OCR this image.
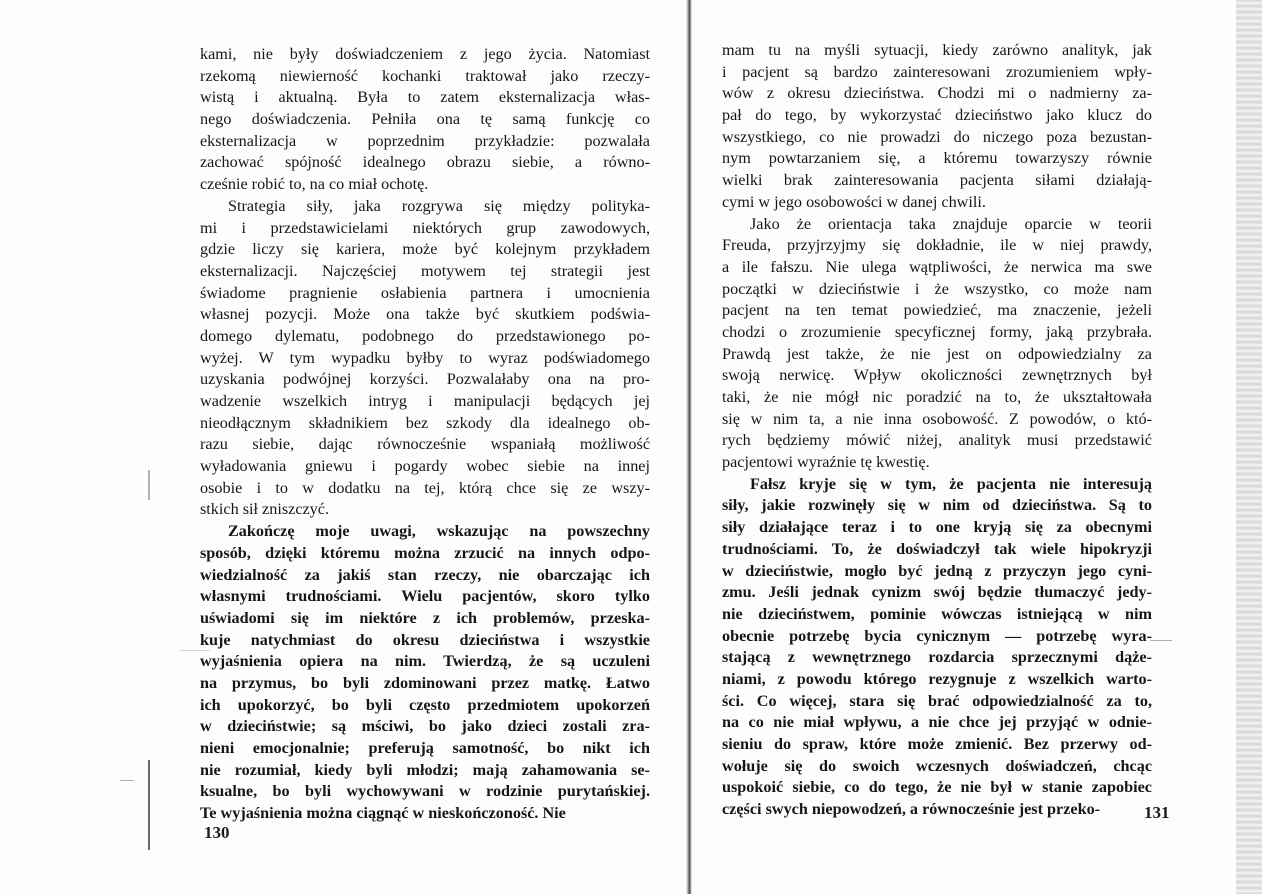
kami, nie były doświadczeniem z jego życia. Natomiast
rzekomą niewierność kochanki traktował jako rzeczy-
wistą i aktualną. Była to zatem eksternalizacja włas-
nego doświadczenia. Pełniła ona tę samą funkcję co
eksternalizacja w poprzednim przykładzie: pozwalała
zachować spójność idealnego obrazu siebie, a równo-
cześnie robić to, na co miał ochotę.
Strategia siły, jaka rozgrywa się między polityka-
mi i przedstawicielami niektórych grup zawodowych,
gdzie liczy się kariera, może być kolejnym przykładem
eksternalizacji. Najczęściej motywem tej strategii jest
świadome pragnienie osłabienia partnera i umocnienia
własnej pozycji. Może ona także być skutkiem podświa-
domego dylematu, podobnego do przedstawionego po-
wyżej. W tym wypadku byłby to wyraz podświadomego
uzyskania podwójnej korzyści. Pozwalałaby ona na pro-
wadzenie wszelkich intryg i manipulacji będących jej
nieodłącznym składnikiem bez szkody dla idealnego ob-
razu siebie, dając równocześnie wspaniałą możliwość
wyładowania gniewu i pogardy wobec siebie na innej
osobie i to w dodatku na tej, którą chce się ze wszy-
stkich sił zniszczyć.
Zakończę moje uwagi, wskazując na powszechny
sposób, dzięki któremu można zrzucić na innych odpo-
wiedzialność za jakiś stan rzeczy, nie obarczając ich
własnymi trudnościami. Wielu pacjentów, skoro tylko
uświadomi się im niektóre z ich problemów, przeska-
kuje natychmiast do okresu dzieciństwa i wszystkie
wyjaśnienia opiera na nim. Twierdzą, że są uczuleni
na przymus, bo byli zdominowani przez matkę. Łatwo
ich upokorzyć, bo byli często przedmiotem upokorzeń
w dzieciństwie; są mściwi, bo jako dzieci zostali zra-
nieni emocjonalnie; preferują samotność, bo nikt ich
nie rozumiał, kiedy byli młodzi; mają zahamowania se-
ksualne, bo byli wychowywani w rodzinie purytańskiej.
Te wyjaśnienia można ciągnąć w nieskończoność. Nie
130
mam tu na myśli sytuacji, kiedy zarówno analityk, jak
i pacjent są bardzo zainteresowani zrozumieniem wpły-
wów z okresu dzieciństwa. Chodzi mi o nadmierny za-
pał do tego, by wykorzystać dzieciństwo jako klucz do
wszystkiego, co nie prowadzi do niczego poza bezustan-
nym powtarzaniem się, a któremu towarzyszy równie
wielki brak zainteresowania pacjenta siłami działają-
cymi w jego osobowości w danej chwili.
Jako że orientacja taka znajduje oparcie w teorii
Freuda, przyjrzyjmy się dokładnie, ile w niej prawdy,
a ile fałszu. Nie ulega wątpliwości, że nerwica ma swe
początki w dzieciństwie i że wszystko, co może nam
pacjent na ten temat powiedzieć, ma znaczenie, jeżeli
chodzi o zrozumienie specyficznej formy, jaką przybrała.
Prawdą jest także, że nie jest on odpowiedzialny za
swoją nerwicę. Wpływ okoliczności zewnętrznych był
taki, że nie mógł nic poradzić na to, że ukształtowała
się w nim ta, a nie inna osobowość. Z powodów, o któ-
rych będziemy mówić niżej, analityk musi przedstawić
pacjentowi wyraźnie tę kwestię.
Fałsz kryje się w tym, że pacjenta nie interesują
siły, jakie rozwinęły się w nim od dzieciństwa. Są to
siły działające teraz i to one kryją się za obecnymi
trudnościami. To, że doświadczył tak wiele hipokryzji
w dzieciństwie, mogło być jedną z przyczyn jego cyni-
zmu. Jeśli jednak cynizm swój będzie tłumaczyć jedy-
nie dzieciństwem, pominie wówczas istniejącą w nim
obecnie potrzebę bycia cynicznym — potrzebę wyra-
stającą z wewnętrznego rozdarcia sprzecznymi dąże-
niami, z powodu którego rezygnuje z wszelkich warto-
ści. Co więcej, stara się brać odpowiedzialność za to,
na co nie miał wpływu, a nie chce jej przyjąć w odnie-
sieniu do spraw, które może zmienić. Bez przerwy od-
wołuje się do swoich wczesnych doświadczeń, chcąc
uspokoić siebie, co do tego, że nie był w stanie zapobiec
części swych niepowodzeń, a równocześnie jest przeko-	131
